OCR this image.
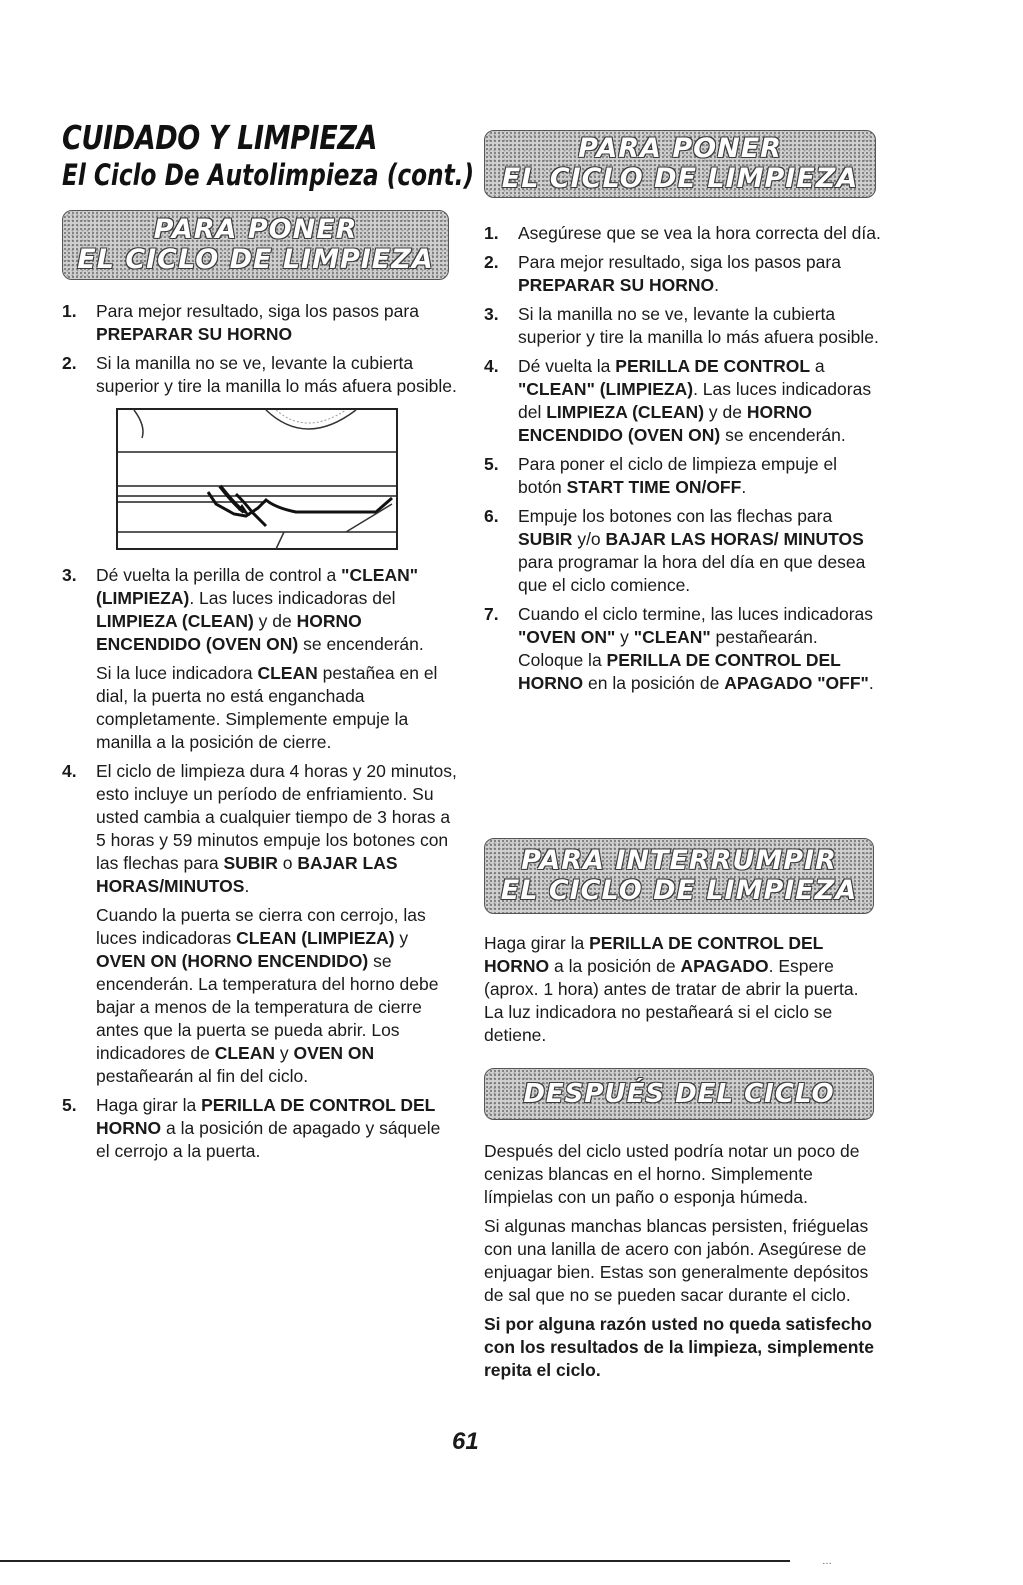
CUIDADO Y LIMPIEZA
El Ciclo De Autolimpieza (cont.)
PARA PONER
EL CICLO DE LIMPIEZA
1. Para mejor resultado, siga los pasos para PREPARAR SU HORNO

2. Si la manilla no se ve, levante la cubierta superior y tire la manilla lo más afuera posible.

3. Dé vuelta la perilla de control a "CLEAN" (LIMPIEZA). Las luces indicadoras del LIMPIEZA (CLEAN) y de HORNO ENCENDIDO (OVEN ON) se encenderán.

Si la luce indicadora CLEAN pestañea en el dial, la puerta no está enganchada completamente. Simplemente empuje la manilla a la posición de cierre.

4. El ciclo de limpieza dura 4 horas y 20 minutos, esto incluye un período de enfriamiento. Su usted cambia a cualquier tiempo de 3 horas a 5 horas y 59 minutos empuje los botones con las flechas para SUBIR o BAJAR LAS HORAS/MINUTOS.

Cuando la puerta se cierra con cerrojo, las luces indicadoras CLEAN (LIMPIEZA) y OVEN ON (HORNO ENCENDIDO) se encenderán. La temperatura del horno debe bajar a menos de la temperatura de cierre antes que la puerta se pueda abrir. Los indicadores de CLEAN y OVEN ON pestañearán al fin del ciclo.

5. Haga girar la PERILLA DE CONTROL DEL HORNO a la posición de apagado y sáquele el cerrojo a la puerta.

PARA PONER
EL CICLO DE LIMPIEZA
1. Asegúrese que se vea la hora correcta del día.

2. Para mejor resultado, siga los pasos para PREPARAR SU HORNO.

3. Si la manilla no se ve, levante la cubierta superior y tire la manilla lo más afuera posible.

4. Dé vuelta la PERILLA DE CONTROL a "CLEAN" (LIMPIEZA). Las luces indicadoras del LIMPIEZA (CLEAN) y de HORNO ENCENDIDO (OVEN ON) se encenderán.

5. Para poner el ciclo de limpieza empuje el botón START TIME ON/OFF.

6. Empuje los botones con las flechas para SUBIR y/o BAJAR LAS HORAS/ MINUTOS para programar la hora del día en que desea que el ciclo comience.

7. Cuando el ciclo termine, las luces indicadoras "OVEN ON" y "CLEAN" pestañearán. Coloque la PERILLA DE CONTROL DEL HORNO en la posición de APAGADO "OFF".

PARA INTERRUMPIR
EL CICLO DE LIMPIEZA

Haga girar la PERILLA DE CONTROL DEL HORNO a la posición de APAGADO. Espere (aprox. 1 hora) antes de tratar de abrir la puerta. La luz indicadora no pestañeará si el ciclo se detiene.

DESPUÉS DEL CICLO

Después del ciclo usted podría notar un poco de cenizas blancas en el horno. Simplemente límpielas con un paño o esponja húmeda.

Si algunas manchas blancas persisten, friéguelas con una lanilla de acero con jabón. Asegúrese de enjuagar bien. Estas son generalmente depósitos de sal que no se pueden sacar durante el ciclo.

Si por alguna razón usted no queda satisfecho con los resultados de la limpieza, simplemente repita el ciclo.

61
…
